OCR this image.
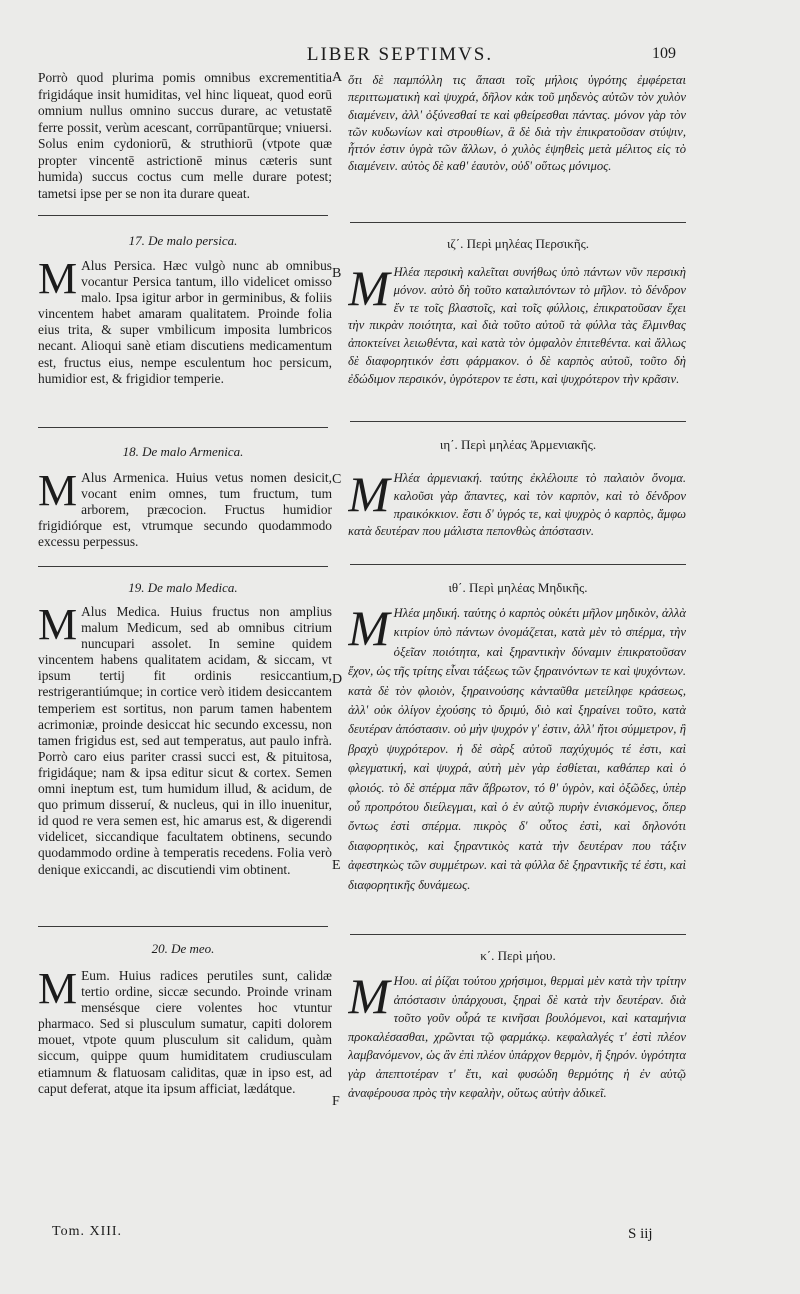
LIBER SEPTIMVS.	109

Porrò quod plurima pomis omnibus excrementitia frigidáque insit humiditas, vel hinc liqueat, quod eorū omnium nullus omnino succus durare, ac vetustatē ferre possit, verùm acescant, corrūpantūrque; vniuersi. Solus enim cydoniorū, & struthiorū (vtpote quæ propter vincentē astrictionē minus cæteris sunt humida) succus coctus cum melle durare potest; tametsi ipse per se non ita durare queat.

ὅτι δὲ παμπόλλη τις ἅπασι τοῖς μήλοις ὑγρότης ἐμφέρεται περιττωματικὴ καὶ ψυχρά, δῆλον κἀκ τοῦ μηδενὸς αὐτῶν τὸν χυλὸν διαμένειν, ἀλλ' ὀξύνεσθαί τε καὶ φθείρεσθαι πάντας. μόνον γὰρ τὸν τῶν κυδωνίων καὶ στρουθίων, ἃ δὲ διὰ τὴν ἐπικρατοῦσαν στύψιν, ἧττόν ἐστιν ὑγρὰ τῶν ἄλλων, ὁ χυλὸς ἑψηθεὶς μετὰ μέλιτος εἰς τὸ διαμένειν. αὐτὸς δὲ καθ' ἑαυτὸν, οὐδ' οὕτως μόνιμος.

A
17. De malo persica.	ιζ΄. Περὶ μηλέας Περσικῆς.

M Alus Persica. Hæc vulgò nunc ab omnibus vocantur Persica tantum, illo videlicet omisso malo. Ipsa igitur arbor in germinibus, & foliis vincentem habet amaram qualitatem. Proinde folia eius trita, & super vmbilicum imposita lumbricos necant. Alioqui sanè etiam discutiens medicamentum est, fructus eius, nempe esculentum hoc persicum, humidior est, & frigidior temperie.

M Ηλέα περσικὴ καλεῖται συνήθως ὑπὸ πάντων νῦν περσικὴ μόνον. αὐτὸ δὴ τοῦτο καταλιπόντων τὸ μῆλον. τὸ δένδρον ἔν τε τοῖς βλαστοῖς, καὶ τοῖς φύλλοις, ἐπικρατοῦσαν ἔχει τὴν πικρὰν ποιότητα, καὶ διὰ τοῦτο αὐτοῦ τὰ φύλλα τὰς ἕλμινθας ἀποκτείνει λειωθέντα, καὶ κατὰ τὸν ὀμφαλὸν ἐπιτεθέντα. καὶ ἄλλως δὲ διαφορητικόν ἐστι φάρμακον. ὁ δὲ καρπὸς αὐτοῦ, τοῦτο δὴ ἐδώδιμον περσικόν, ὑγρότερον τε ἐστι, καὶ ψυχρότερον τὴν κρᾶσιν.

B
18. De malo Armenica.	ιη΄. Περὶ μηλέας Ἀρμενιακῆς.

M Alus Armenica. Huius vetus nomen desicit, vocant enim omnes, tum fructum, tum arborem, præcocion. Fructus humidior frigidiórque est, vtrumque secundo quodammodo excessu perpessus.

M Ηλέα ἀρμενιακή. ταύτης ἐκλέλοιπε τὸ παλαιὸν ὄνομα. καλοῦσι γὰρ ἅπαντες, καὶ τὸν καρπὸν, καὶ τὸ δένδρον πραικόκκιον. ἔστι δ' ὑγρός τε, καὶ ψυχρὸς ὁ καρπὸς, ἄμφω κατὰ δευτέραν που μάλιστα πεπονθὼς ἀπόστασιν.

C
19. De malo Medica.	ιθ΄. Περὶ μηλέας Μηδικῆς.

M Alus Medica. Huius fructus non amplius malum Medicum, sed ab omnibus citrium nuncupari assolet. In semine quidem vincentem habens qualitatem acidam, & siccam, vt ipsum tertij fit ordinis resiccantium, restrigerantiúmque; in cortice verò itidem desiccantem temperiem est sortitus, non parum tamen habentem acrimoniæ, proinde desiccat hic secundo excessu, non tamen frigidus est, sed aut temperatus, aut paulo infrà. Porrò caro eius pariter crassi succi est, & pituitosa, frigidáque; nam & ipsa editur sicut & cortex. Semen omni ineptum est, tum humidum illud, & acidum, de quo primum disseruí, & nucleus, qui in illo inuenitur, id quod re vera semen est, hic amarus est, & digerendi videlicet, siccandique facultatem obtinens, secundo quodammodo ordine à temperatis recedens. Folia verò denique exiccandi, ac discutiendi vim obtinent.

M Ηλέα μηδική. ταύτης ὁ καρπὸς οὐκέτι μῆλον μηδικὸν, ἀλλὰ κιτρίον ὑπὸ πάντων ὀνομάζεται, κατὰ μὲν τὸ σπέρμα, τὴν ὀξεῖαν ποιότητα, καὶ ξηραντικὴν δύναμιν ἐπικρατοῦσαν ἔχον, ὡς τῆς τρίτης εἶναι τάξεως τῶν ξηραινόντων τε καὶ ψυχόντων. κατὰ δὲ τὸν φλοιὸν, ξηραινούσης κἀνταῦθα μετείληφε κράσεως, ἀλλ' οὐκ ὀλίγον ἐχούσης τὸ δριμύ, διὸ καὶ ξηραίνει τοῦτο, κατὰ δευτέραν ἀπόστασιν. οὐ μὴν ψυχρόν γ' ἐστιν, ἀλλ' ἤτοι σύμμετρον, ἢ βραχὺ ψυχρότερον. ἡ δὲ σὰρξ αὐτοῦ παχύχυμός τέ ἐστι, καὶ φλεγματική, καὶ ψυχρά, αὐτὴ μὲν γὰρ ἐσθίεται, καθάπερ καὶ ὁ φλοιός. τὸ δὲ σπέρμα πᾶν ἄβρωτον, τό θ' ὑγρὸν, καὶ ὀξῶδες, ὑπὲρ οὗ προπρότου διείλεγμαι, καὶ ὁ ἐν αὐτῷ πυρὴν ἐνισκόμενος, ὅπερ ὄντως ἐστὶ σπέρμα. πικρὸς δ' οὗτος ἐστὶ, καὶ δηλονότι διαφορητικὸς, καὶ ξηραντικὸς κατὰ τὴν δευτέραν που τάξιν ἀφεστηκὼς τῶν συμμέτρων. καὶ τὰ φύλλα δὲ ξηραντικῆς τέ ἐστι, καὶ διαφορητικῆς δυνάμεως.

D
E
20. De meo.	κ΄. Περὶ μήου.

M Eum. Huius radices perutiles sunt, calidæ tertio ordine, siccæ secundo. Proinde vrinam mensésque ciere volentes hoc vtuntur pharmaco. Sed si plusculum sumatur, capiti dolorem mouet, vtpote quum plusculum sit calidum, quàm siccum, quippe quum humiditatem crudiusculam etiamnum & flatuosam caliditas, quæ in ipso est, ad caput deferat, atque ita ipsum afficiat, lædátque.

M Ηου. αἱ ῥίζαι τούτου χρήσιμοι, θερμαὶ μὲν κατὰ τὴν τρίτην ἀπόστασιν ὑπάρχουσι, ξηραὶ δὲ κατὰ τὴν δευτέραν. διὰ τοῦτο γοῦν οὖρά τε κινῆσαι βουλόμενοι, καὶ καταμήνια προκαλέσασθαι, χρῶνται τῷ φαρμάκῳ. κεφαλαλγές τ' ἐστὶ πλέον λαμβανόμενον, ὡς ἂν ἐπὶ πλέον ὑπάρχον θερμὸν, ἢ ξηρόν. ὑγρότητα γὰρ ἀπεπτοτέραν τ' ἔτι, καὶ φυσώδη θερμότης ἡ ἐν αὐτῷ ἀναφέρουσα πρὸς τὴν κεφαλὴν, οὕτως αὐτὴν ἀδικεῖ.

F
Tom. XIII.	S iij
